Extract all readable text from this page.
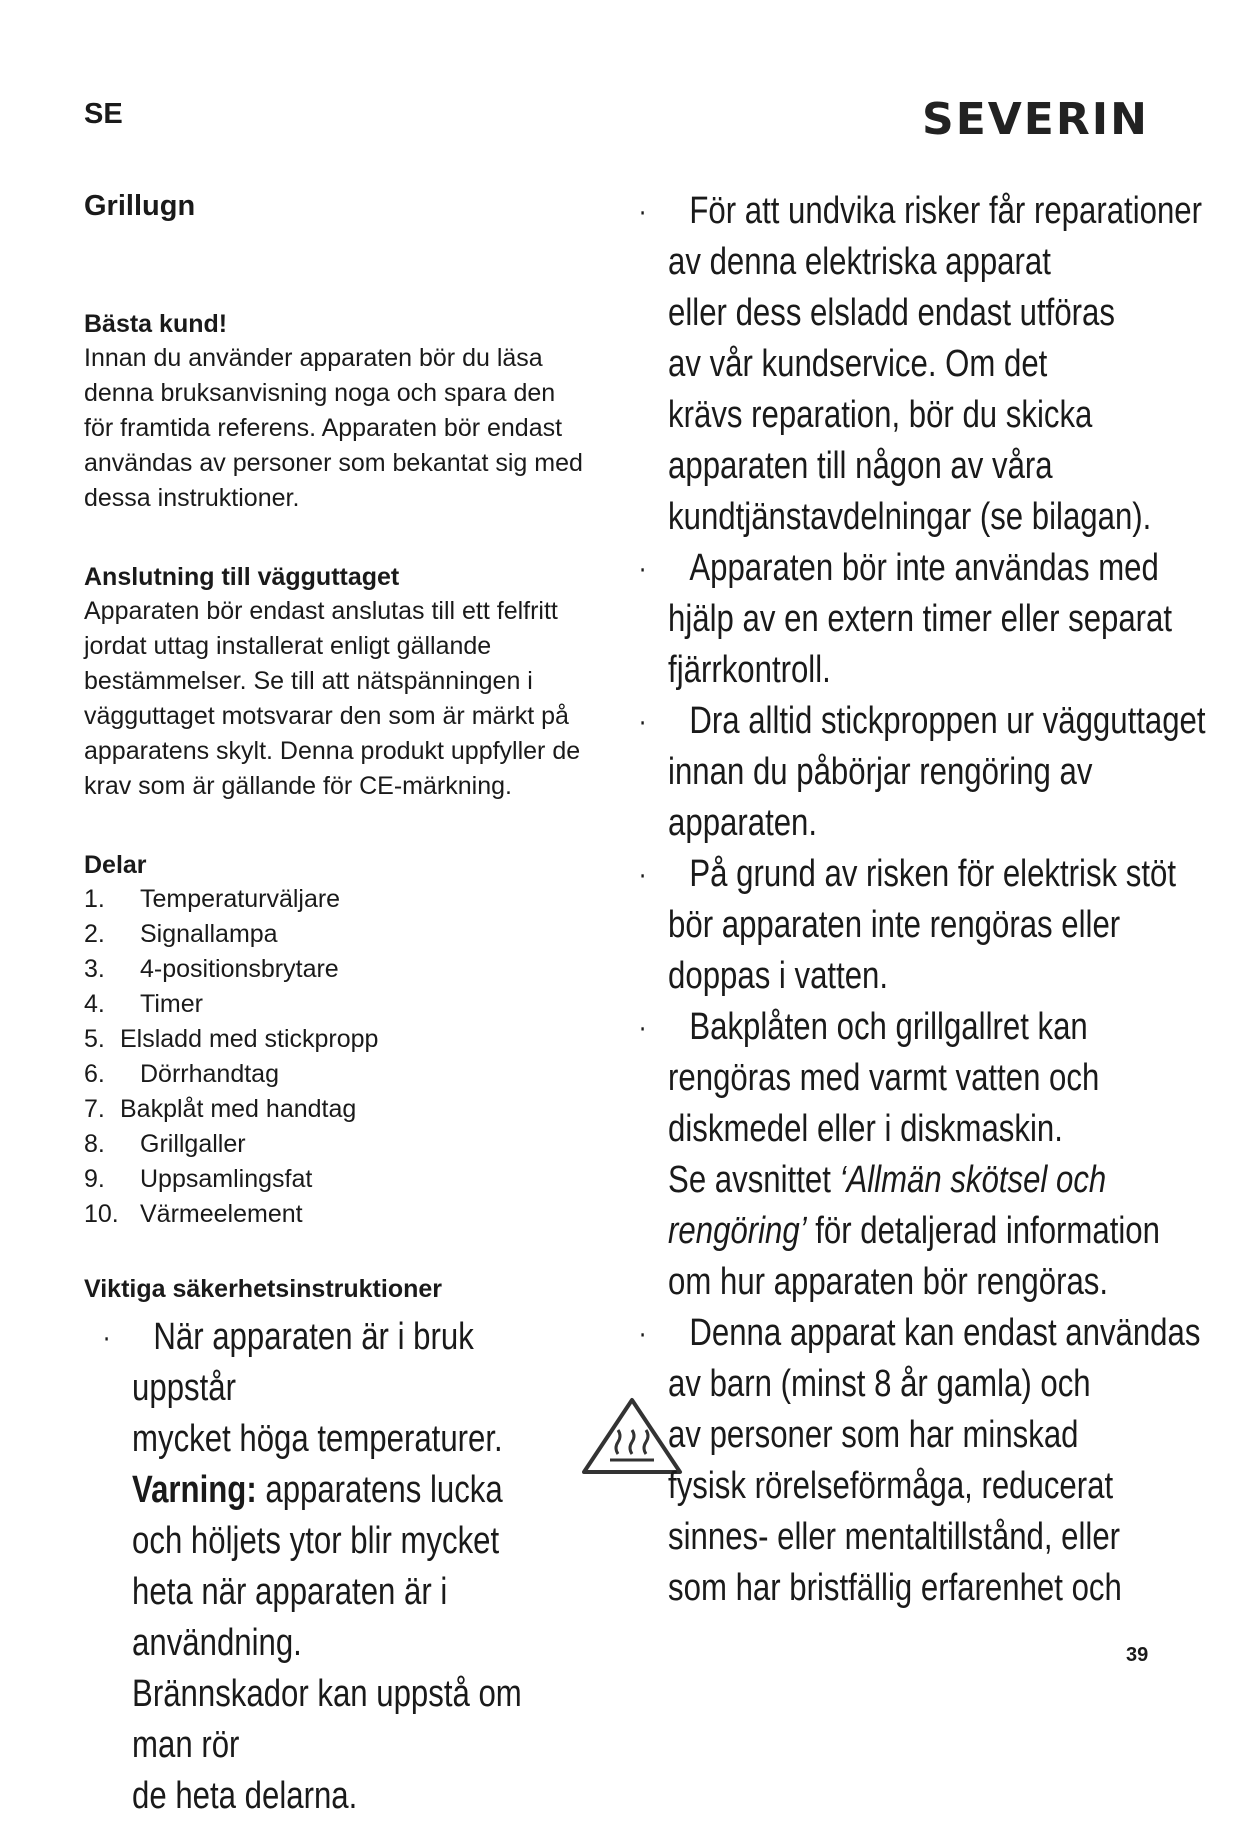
SE	SEVERIN
Grillugn

Bästa kund!

Innan du använder apparaten bör du läsa

denna bruksanvisning noga och spara den

för framtida referens. Apparaten bör endast

användas av personer som bekantat sig med

dessa instruktioner.

Anslutning till vägguttaget

Apparaten bör endast anslutas till ett felfritt

jordat uttag installerat enligt gällande

bestämmelser. Se till att nätspänningen i

vägguttaget motsvarar den som är märkt på

apparatens skylt. Denna produkt uppfyller de

krav som är gällande för CE-märkning.

Delar

1.	Temperaturväljare
2.	Signallampa
3.	4-positionsbrytare
4.	Timer
5. Elsladd med stickpropp
6.	Dörrhandtag
7. Bakplåt med handtag
8.	Grillgaller
9.	Uppsamlingsfat
10. Värmeelement

Viktiga säkerhetsinstruktioner

· När apparaten är i bruk uppstår
mycket höga temperaturer.
Varning: apparatens lucka
och höljets ytor blir mycket
heta när apparaten är i användning.
Brännskador kan uppstå om man rör
de heta delarna.
·	För att undvika risker får reparationer
av denna elektriska apparat
eller dess elsladd endast utföras
av vår kundservice. Om det
krävs reparation, bör du skicka
apparaten till någon av våra
kundtjänstavdelningar (se bilagan).
·	Apparaten bör inte användas med
hjälp av en extern timer eller separat
fjärrkontroll.
·	Dra alltid stickproppen ur vägguttaget
innan du påbörjar rengöring av
apparaten.
·	På grund av risken för elektrisk stöt
bör apparaten inte rengöras eller
doppas i vatten.
·	Bakplåten och grillgallret kan
rengöras med varmt vatten och
diskmedel eller i diskmaskin.
Se avsnittet ‘Allmän skötsel och
rengöring’ för detaljerad information
om hur apparaten bör rengöras.
·	Denna apparat kan endast användas
av barn (minst 8 år gamla) och
av personer som har minskad
fysisk rörelseförmåga, reducerat
sinnes- eller mentaltillstånd, eller
som har bristfällig erfarenhet och
39
